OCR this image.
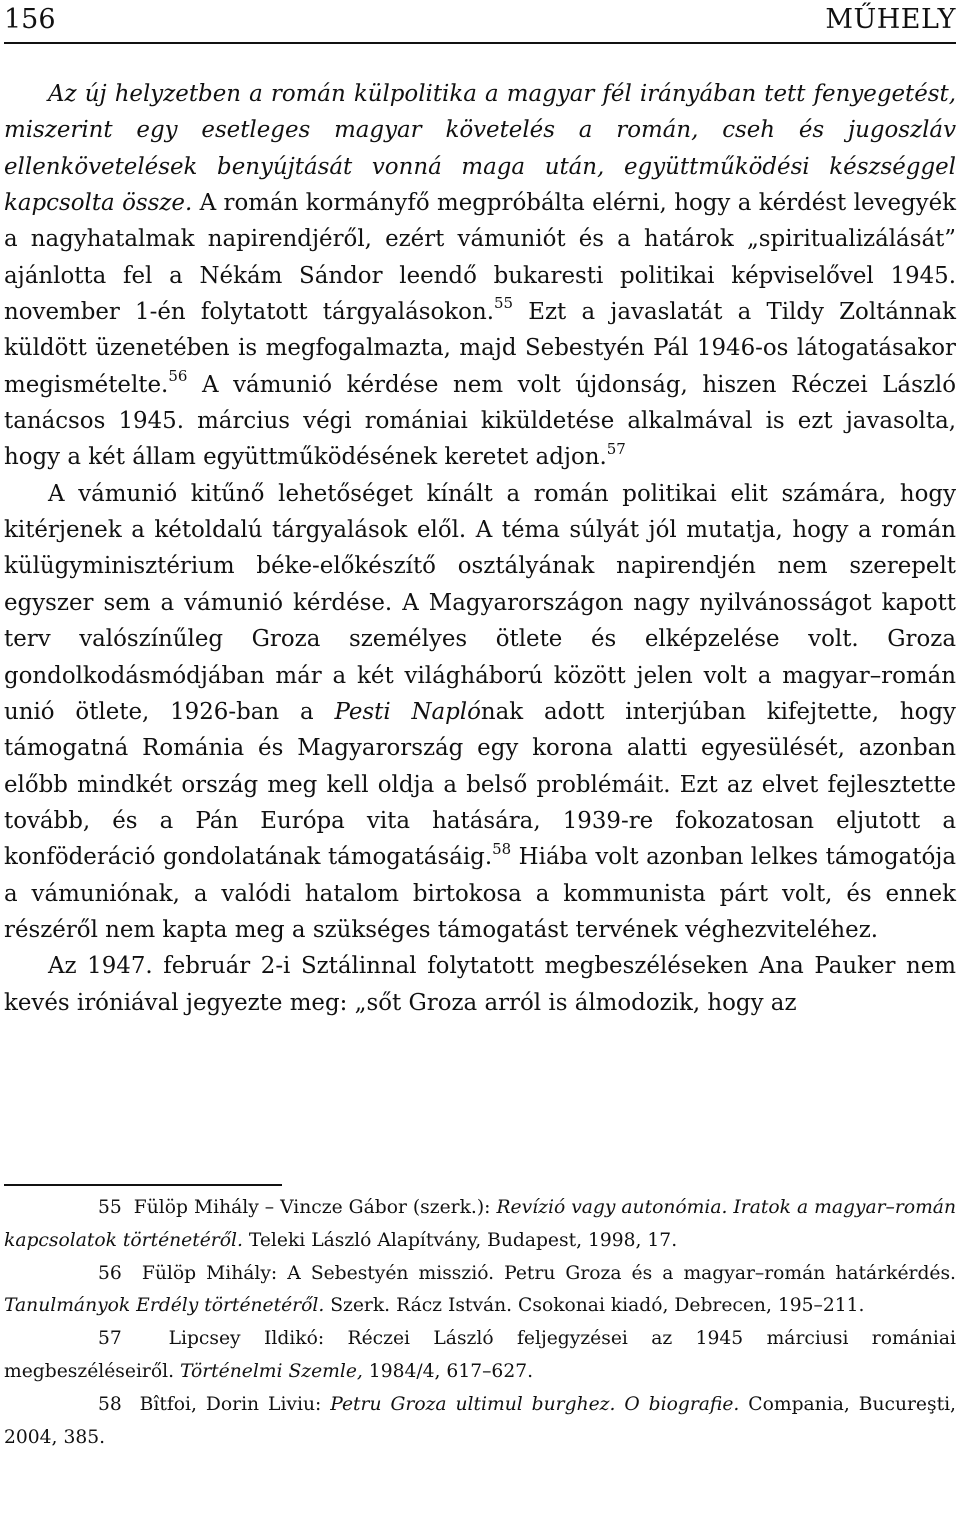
156	MŰHELY

Az új helyzetben a román külpolitika a magyar fél irányában tett fenyegetést, miszerint egy esetleges magyar követelés a román, cseh és jugoszláv ellenkövetelések benyújtását vonná maga után, együttműködési készséggel kapcsolta össze. A román kormányfő megpróbálta elérni, hogy a kérdést levegyék a nagyhatalmak napirendjéről, ezért vámuniót és a határok „spiritualizálását” ajánlotta fel a Nékám Sándor leendő bukaresti politikai képviselővel 1945. november 1-én folytatott tárgyalásokon.$^{55}$ Ezt a javaslatát a Tildy Zoltánnak küldött üzenetében is megfogalmazta, majd Sebestyén Pál 1946-os látogatásakor megismételte.$^{56}$ A vámunió kérdése nem volt újdonság, hiszen Réczei László tanácsos 1945. március végi romániai kiküldetése alkalmával is ezt javasolta, hogy a két állam együttműködésének keretet adjon.$^{57}$

A vámunió kitűnő lehetőséget kínált a román politikai elit számára, hogy kitérjenek a kétoldalú tárgyalások elől. A téma súlyát jól mutatja, hogy a román külügyminisztérium béke-előkészítő osztályának napirendjén nem szerepelt egyszer sem a vámunió kérdése. A Magyarországon nagy nyilvánosságot kapott terv valószínűleg Groza személyes ötlete és elképzelése volt. Groza gondolkodásmódjában már a két világháború között jelen volt a magyar–román unió ötlete, 1926-ban a Pesti Naplónak adott interjúban kifejtette, hogy támogatná Románia és Magyarország egy korona alatti egyesülését, azonban előbb mindkét ország meg kell oldja a belső problémáit. Ezt az elvet fejlesztette tovább, és a Pán Európa vita hatására, 1939-re fokozatosan eljutott a konföderáció gondolatának támogatásáig.$^{58}$ Hiába volt azonban lelkes támogatója a vámuniónak, a valódi hatalom birtokosa a kommunista párt volt, és ennek részéről nem kapta meg a szükséges támogatást tervének véghezviteléhez.

Az 1947. február 2-i Sztálinnal folytatott megbeszéléseken Ana Pauker nem kevés iróniával jegyezte meg: „sőt Groza arról is álmodozik, hogy az

55 Fülöp Mihály – Vincze Gábor (szerk.): Revízió vagy autonómia. Iratok a magyar–román kapcsolatok történetéről. Teleki László Alapítvány, Budapest, 1998, 17.

56 Fülöp Mihály: A Sebestyén misszió. Petru Groza és a magyar–román határkérdés. Tanulmányok Erdély történetéről. Szerk. Rácz István. Csokonai kiadó, Debrecen, 195–211.

57	Lipcsey Ildikó: Réczei László feljegyzései az 1945 márciusi romániai megbeszéléseiről. Történelmi Szemle, 1984/4, 617–627.

58 Bîtfoi, Dorin Liviu: Petru Groza ultimul burghez. O biografie. Compania, Bucureşti, 2004, 385.
